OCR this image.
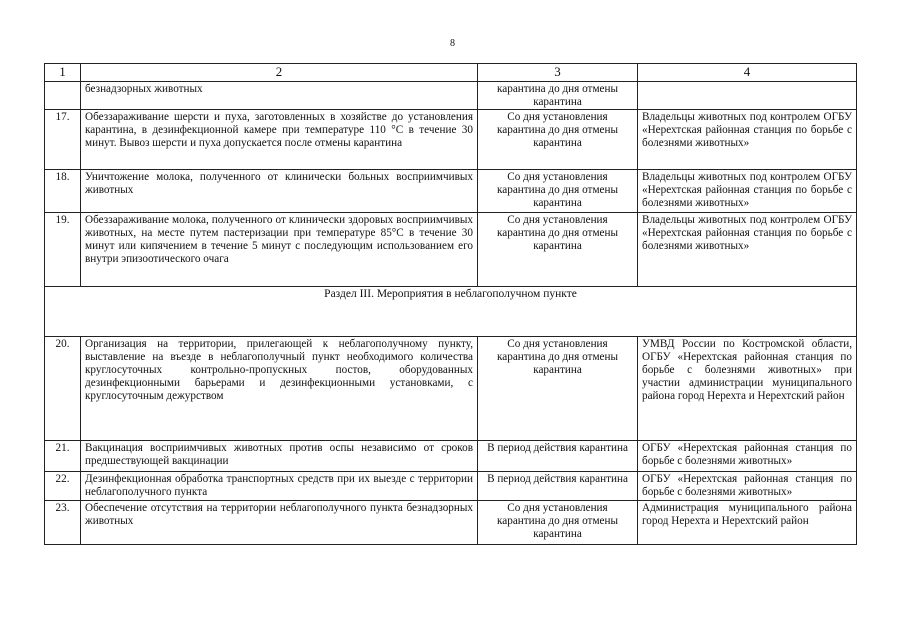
8
1	2	3	4
	безнадзорных животных	карантина до дня отмены карантина	
17.	Обеззараживание шерсти и пуха, заготовленных в хозяйстве до установления карантина, в дезинфекционной камере при температуре 110 °С в течение 30 минут. Вывоз шерсти и пуха допускается после отмены карантина	Со дня установления карантина до дня отмены карантина	Владельцы животных под контролем ОГБУ «Нерехтская районная станция по борьбе с болезнями животных»
18.	Уничтожение молока, полученного от клинически больных восприимчивых животных	Со дня установления карантина до дня отмены карантина	Владельцы животных под контролем ОГБУ «Нерехтская районная станция по борьбе с болезнями животных»
19.	Обеззараживание молока, полученного от клинически здоровых восприимчивых животных, на месте путем пастеризации при температуре 85°С в течение 30 минут или кипячением в течение 5 минут с последующим использованием его внутри эпизоотического очага	Со дня установления карантина до дня отмены карантина	Владельцы животных под контролем ОГБУ «Нерехтская районная станция по борьбе с болезнями животных»
Раздел III. Мероприятия в неблагополучном пункте			
20.	Организация на территории, прилегающей к неблагополучному пункту, выставление на въезде в неблагополучный пункт необходимого количества круглосуточных контрольно-пропускных постов, оборудованных дезинфекционными барьерами и дезинфекционными установками, с круглосуточным дежурством	Со дня установления карантина до дня отмены карантина	УМВД России по Костромской области, ОГБУ «Нерехтская районная станция по борьбе с болезнями животных» при участии администрации муниципального района город Нерехта и Нерехтский район
21.	Вакцинация восприимчивых животных против оспы независимо от сроков предшествующей вакцинации	В период действия карантина	ОГБУ «Нерехтская районная станция по борьбе с болезнями животных»
22.	Дезинфекционная обработка транспортных средств при их выезде с территории неблагополучного пункта	В период действия карантина	ОГБУ «Нерехтская районная станция по борьбе с болезнями животных»
23.	Обеспечение отсутствия на территории неблагополучного пункта безнадзорных животных	Со дня установления карантина до дня отмены карантина	Администрация муниципального района город Нерехта и Нерехтский район
